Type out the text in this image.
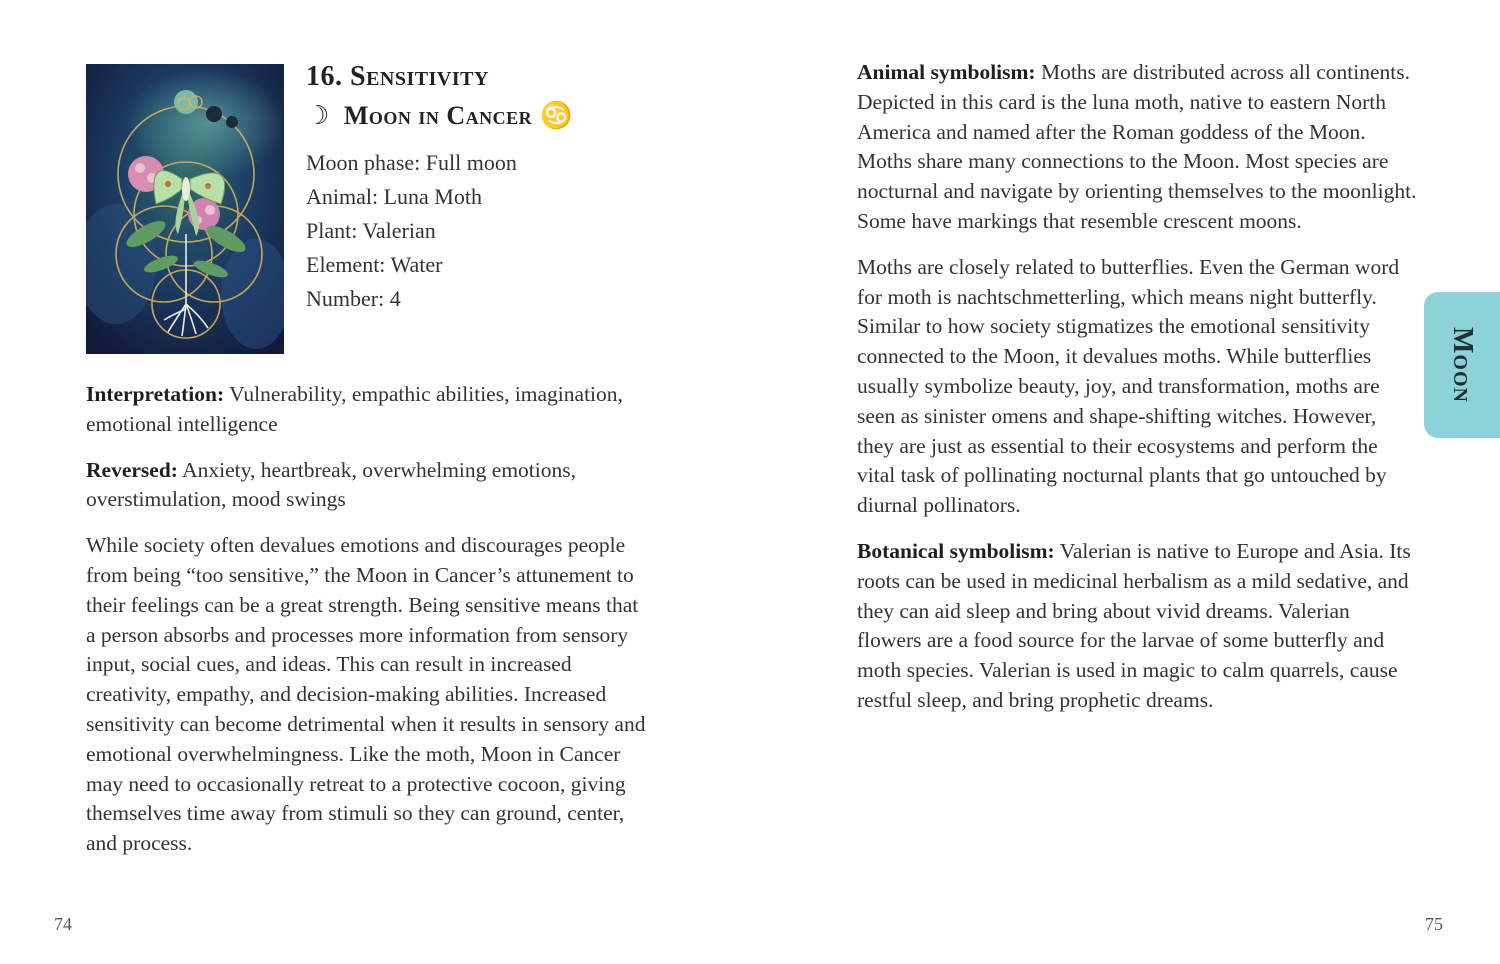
16. Sensitivity
☽ Moon in Cancer ♋
Moon phase: Full moon
Animal: Luna Moth
Plant: Valerian
Element: Water
Number: 4

Interpretation: Vulnerability, empathic abilities, imagination, emotional intelligence

Reversed: Anxiety, heartbreak, overwhelming emotions, overstimulation, mood swings

While society often devalues emotions and discourages people from being “too sensitive,” the Moon in Cancer’s attunement to their feelings can be a great strength. Being sensitive means that a person absorbs and processes more information from sensory input, social cues, and ideas. This can result in increased creativity, empathy, and decision-making abilities. Increased sensitivity can become detrimental when it results in sensory and emotional overwhelmingness. Like the moth, Moon in Cancer may need to occasionally retreat to a protective cocoon, giving themselves time away from stimuli so they can ground, center, and process.

74

Animal symbolism: Moths are distributed across all continents. Depicted in this card is the luna moth, native to eastern North America and named after the Roman goddess of the Moon. Moths share many connections to the Moon. Most species are nocturnal and navigate by orienting themselves to the moonlight. Some have markings that resemble crescent moons.

Moths are closely related to butterflies. Even the German word for moth is nachtschmetterling, which means night butterfly. Similar to how society stigmatizes the emotional sensitivity connected to the Moon, it devalues moths. While butterflies usually symbolize beauty, joy, and transformation, moths are seen as sinister omens and shape-shifting witches. However, they are just as essential to their ecosystems and perform the vital task of pollinating nocturnal plants that go untouched by diurnal pollinators.

Botanical symbolism: Valerian is native to Europe and Asia. Its roots can be used in medicinal herbalism as a mild sedative, and they can aid sleep and bring about vivid dreams. Valerian flowers are a food source for the larvae of some butterfly and moth species. Valerian is used in magic to calm quarrels, cause restful sleep, and bring prophetic dreams.

Moon
75
